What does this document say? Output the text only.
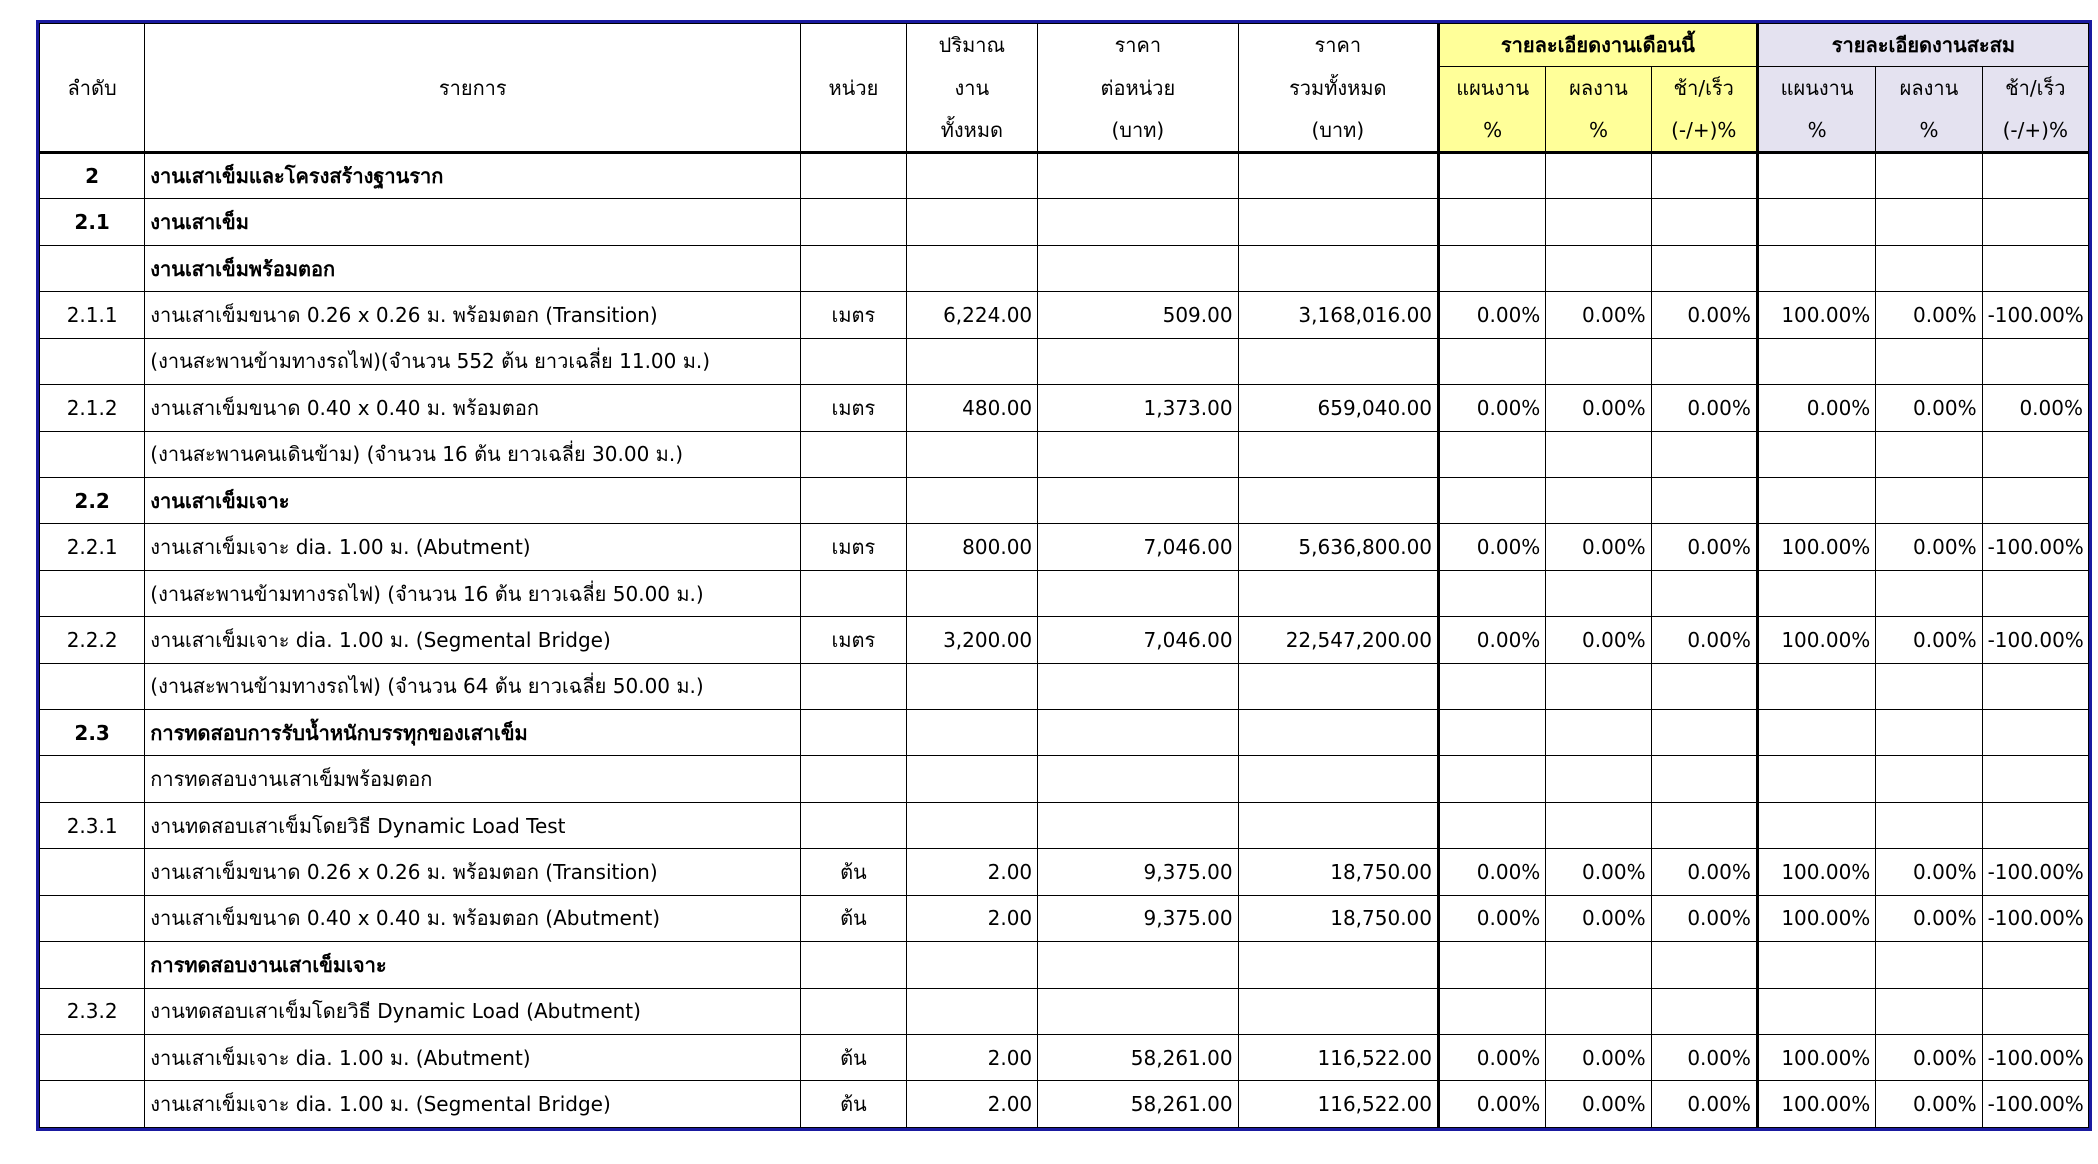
ลำดับ	รายการ	หน่วย	ปริมาณ	ราคา	ราคา	รายละเอียดงานเดือนนี้			รายละเอียดงานสะสม		
			งาน	ต่อหน่วย	รวมทั้งหมด	แผนงาน	ผลงาน	ช้า/เร็ว	แผนงาน	ผลงาน	ช้า/เร็ว
			ทั้งหมด	(บาท)	(บาท)	%	%	(-/+)%	%	%	(-/+)%
2	งานเสาเข็มและโครงสร้างฐานราก										
2.1	งานเสาเข็ม										
	งานเสาเข็มพร้อมตอก										
2.1.1	งานเสาเข็มขนาด 0.26 x 0.26 ม. พร้อมตอก (Transition)	เมตร	6,224.00	509.00	3,168,016.00	0.00%	0.00%	0.00%	100.00%	0.00%	-100.00%
	(งานสะพานข้ามทางรถไฟ)(จำนวน 552 ต้น ยาวเฉลี่ย 11.00 ม.)										
2.1.2	งานเสาเข็มขนาด 0.40 x 0.40 ม. พร้อมตอก	เมตร	480.00	1,373.00	659,040.00	0.00%	0.00%	0.00%	0.00%	0.00%	0.00%
	(งานสะพานคนเดินข้าม) (จำนวน 16 ต้น ยาวเฉลี่ย 30.00 ม.)										
2.2	งานเสาเข็มเจาะ										
2.2.1	งานเสาเข็มเจาะ dia. 1.00 ม. (Abutment)	เมตร	800.00	7,046.00	5,636,800.00	0.00%	0.00%	0.00%	100.00%	0.00%	-100.00%
	(งานสะพานข้ามทางรถไฟ) (จำนวน 16 ต้น ยาวเฉลี่ย 50.00 ม.)										
2.2.2	งานเสาเข็มเจาะ dia. 1.00 ม. (Segmental Bridge)	เมตร	3,200.00	7,046.00	22,547,200.00	0.00%	0.00%	0.00%	100.00%	0.00%	-100.00%
	(งานสะพานข้ามทางรถไฟ) (จำนวน 64 ต้น ยาวเฉลี่ย 50.00 ม.)										
2.3	การทดสอบการรับน้ำหนักบรรทุกของเสาเข็ม										
	การทดสอบงานเสาเข็มพร้อมตอก										
2.3.1	งานทดสอบเสาเข็มโดยวิธี Dynamic Load Test										
	งานเสาเข็มขนาด 0.26 x 0.26 ม. พร้อมตอก (Transition)	ต้น	2.00	9,375.00	18,750.00	0.00%	0.00%	0.00%	100.00%	0.00%	-100.00%
	งานเสาเข็มขนาด 0.40 x 0.40 ม. พร้อมตอก (Abutment)	ต้น	2.00	9,375.00	18,750.00	0.00%	0.00%	0.00%	100.00%	0.00%	-100.00%
	การทดสอบงานเสาเข็มเจาะ										
2.3.2	งานทดสอบเสาเข็มโดยวิธี Dynamic Load (Abutment)										
	งานเสาเข็มเจาะ dia. 1.00 ม. (Abutment)	ต้น	2.00	58,261.00	116,522.00	0.00%	0.00%	0.00%	100.00%	0.00%	-100.00%
	งานเสาเข็มเจาะ dia. 1.00 ม. (Segmental Bridge)	ต้น	2.00	58,261.00	116,522.00	0.00%	0.00%	0.00%	100.00%	0.00%	-100.00%
